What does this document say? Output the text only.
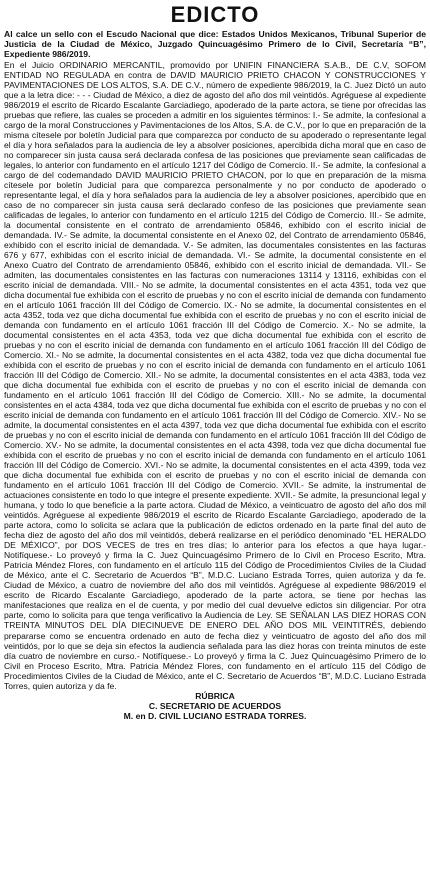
EDICTO

Al calce un sello con el Escudo Nacional que dice: Estados Unidos Mexicanos, Tribunal Superior de Justicia de la Ciudad de México, Juzgado Quincuagésimo Primero de lo Civil, Secretaría “B”, Expediente 986/2019.

En el Juicio ORDINARIO MERCANTIL, promovido por UNIFIN FINANCIERA S.A.B., DE C.V, SOFOM ENTIDAD NO REGULADA en contra de DAVID MAURICIO PRIETO CHACON Y CONSTRUCCIONES Y PAVIMENTACIONES DE LOS ALTOS, S.A. DE C.V., número de expediente 986/2019, la C. Juez Dictó un auto que a la letra dice: - - - Ciudad de México, a diez de agosto del año dos mil veintidós. Agréguese al expediente 986/2019 el escrito de Ricardo Escalante Garciadiego, apoderado de la parte actora, se tiene por ofrecidas las pruebas que refiere, las cuales se proceden a admitir en los siguientes términos: I.- Se admite, la confesional a cargo de la moral Construcciones y Pavimentaciones de los Altos, S.A. de C.V., por lo que en preparación de la misma cítesele por boletín Judicial para que comparezca por conducto de su apoderado o representante legal el día y hora señalados para la audiencia de ley a absolver posiciones, apercibida dicha moral que en caso de no comparecer sin justa causa será declarada confesa de las posiciones que previamente sean calificadas de legales, lo anterior con fundamento en el artículo 1217 del Código de Comercio. II.- Se admite, la confesional a cargo de del codemandado DAVID MAURICIO PRIETO CHACON, por lo que en preparación de la misma cítesele por boletín Judicial para que comparezca personalmente y no por conducto de apoderado o representante legal, el día y hora señalados para la audiencia de ley a absolver posiciones, apercibido que en caso de no comparecer sin justa causa será declarado confeso de las posiciones que previamente sean calificadas de legales, lo anterior con fundamento en el artículo 1215 del Código de Comercio. III.- Se admite, la documental consistente en el contrato de arrendamiento 05846, exhibido con el escrito inicial de demandada. IV.- Se admite, la documental consistente en el Anexo 02, del Contrato de arrendamiento 05846, exhibido con el escrito inicial de demandada. V.- Se admiten, las documentales consistentes en las facturas 676 y 677, exhibidas con el escrito inicial de demandada. VI.- Se admite, la documental consistente en el Anexo Cuatro del Contrato de arrendamiento 05846, exhibido con el escrito inicial de demandada. VII.- Se admiten, las documentales consistentes en las facturas con numeraciones 13114 y 13116, exhibidas con el escrito inicial de demandada. VIII.- No se admite, la documental consistentes en el acta 4351, toda vez que dicha documental fue exhibida con el escrito de pruebas y no con el escrito inicial de demanda con fundamento en el artículo 1061 fracción III del Código de Comercio. IX.- No se admite, la documental consistentes en el acta 4352, toda vez que dicha documental fue exhibida con el escrito de pruebas y no con el escrito inicial de demanda con fundamento en el artículo 1061 fracción III del Código de Comercio. X.- No se admite, la documental consistentes en el acta 4353, toda vez que dicha documental fue exhibida con el escrito de pruebas y no con el escrito inicial de demanda con fundamento en el artículo 1061 fracción III del Código de Comercio. XI.- No se admite, la documental consistentes en el acta 4382, toda vez que dicha documental fue exhibida con el escrito de pruebas y no con el escrito inicial de demanda con fundamento en el artículo 1061 fracción III del Código de Comercio. XII.- No se admite, la documental consistentes en el acta 4383, toda vez que dicha documental fue exhibida con el escrito de pruebas y no con el escrito inicial de demanda con fundamento en el artículo 1061 fracción III del Código de Comercio. XIII.- No se admite, la documental consistentes en el acta 4384, toda vez que dicha documental fue exhibida con el escrito de pruebas y no con el escrito inicial de demanda con fundamento en el artículo 1061 fracción III del Código de Comercio. XIV.- No se admite, la documental consistentes en el acta 4397, toda vez que dicha documental fue exhibida con el escrito de pruebas y no con el escrito inicial de demanda con fundamento en el artículo 1061 fracción III del Código de Comercio. XV.- No se admite, la documental consistentes en el acta 4398, toda vez que dicha documental fue exhibida con el escrito de pruebas y no con el escrito inicial de demanda con fundamento en el artículo 1061 fracción III del Código de Comercio. XVI.- No se admite, la documental consistentes en el acta 4399, toda vez que dicha documental fue exhibida con el escrito de pruebas y no con el escrito inicial de demanda con fundamento en el artículo 1061 fracción III del Código de Comercio. XVII.- Se admite, la instrumental de actuaciones consistente en todo lo que integre el presente expediente. XVII.- Se admite, la presuncional legal y humana, y todo lo que beneficie a la parte actora. Ciudad de México, a veinticuatro de agosto del año dos mil veintidós. Agréguese al expediente 986/2019 el escrito de Ricardo Escalante Garciadiego, apoderado de la parte actora, como lo solicita se aclara que la publicación de edictos ordenado en la parte final del auto de fecha diez de agosto del año dos mil veintidós, deberá realizarse en el periódico denominado “EL HERALDO DE MÉXICO”, por DOS VECES de tres en tres días; lo anterior para los efectos a que haya lugar.- Notifíquese.- Lo proveyó y firma la C. Juez Quincuagésimo Primero de lo Civil en Proceso Escrito, Mtra. Patricia Méndez Flores, con fundamento en el artículo 115 del Código de Procedimientos Civiles de la Ciudad de México, ante el C. Secretario de Acuerdos “B”, M.D.C. Luciano Estrada Torres, quien autoriza y da fe. Ciudad de México, a cuatro de noviembre del año dos mil veintidós. Agréguese al expediente 986/2019 el escrito de Ricardo Escalante Garciadiego, apoderado de la parte actora, se tiene por hechas las manifestaciones que realiza en el de cuenta, y por medio del cual devuelve edictos sin diligenciar. Por otra parte, como lo solicita para que tenga verificativo la Audiencia de Ley. SE SEÑALAN LAS DIEZ HORAS CON TREINTA MINUTOS DEL DÍA DIECINUEVE DE ENERO DEL AÑO DOS MIL VEINTITRÉS, debiendo prepararse como se encuentra ordenado en auto de fecha diez y veinticuatro de agosto del año dos mil veintidós, por lo que se deja sin efectos la audiencia señalada para las diez horas con treinta minutos de este día cuatro de noviembre en curso.- Notifíquese.- Lo proveyó y firma la C. Juez Quincuagésimo Primero de lo Civil en Proceso Escrito, Mtra. Patricia Méndez Flores, con fundamento en el artículo 115 del Código de Procedimientos Civiles de la Ciudad de México, ante el C. Secretario de Acuerdos “B”, M.D.C. Luciano Estrada Torres, quien autoriza y da fe.

RÚBRICA

C. SECRETARIO DE ACUERDOS

M. en D. CIVIL LUCIANO ESTRADA TORRES.
